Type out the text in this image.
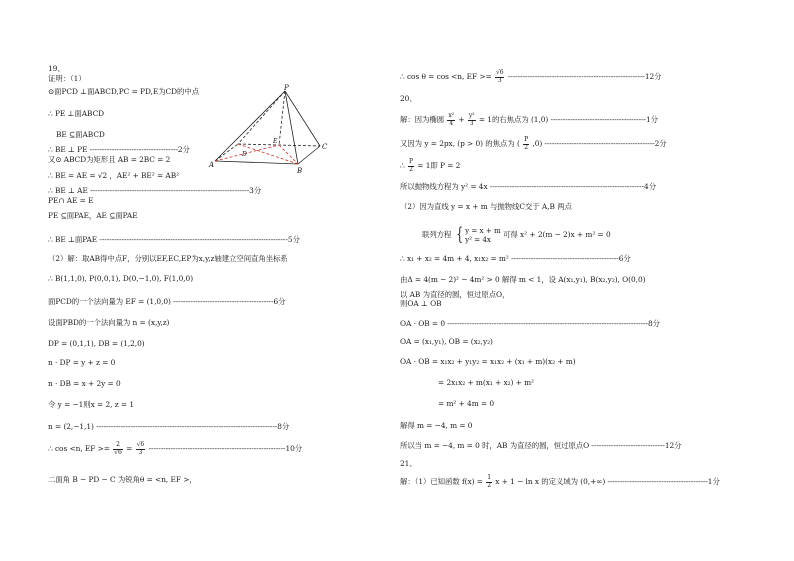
19、
证明：（1）
⊙面PCD ⊥面ABCD,PC = PD,E为CD的中点
∴ PE ⊥面ABCD
BE ⊆面ABCD
∴ BE ⊥ PE ------------------------------------2分
又⊙ ABCD为矩形且 AB = 2BC = 2
∴ BE = AE = √2 ，AE² + BE² = AB²
∴ BE ⊥ AE -----------------------------------------------------------------3分
PE∩ AE = E
PE ⊆面PAE，AE ⊆面PAE
∴ BE ⊥面PAE -----------------------------------------------------------------------------5分
（2）解：取AB得中点F，分别以EF,EC,EP为x,y,z轴建立空间直角坐标系
∴ B(1,1,0), P(0,0,1), D(0,−1,0), F(1,0,0)
面PCD的一个法向量为 EF = (1,0,0) -----------------------------------------6分
设面PBD的一个法向量为 n = (x,y,z)
DP = (0,1,1), DB = (1,2,0)
n · DP = y + z = 0
n · DB = x + 2y = 0
令 y = −1则x = 2, z = 1
n = (2,−1,1) --------------------------------------------------------------------------8分
∴ cos <n, EF >= $\frac{2}{√6} = \frac{√6}{3} --------------------------------------------------------10$分
二面角 B − PD − C 为锐角θ = <n, EF >，
P
A
B
C
D
E
∴ cos θ = cos <n, EF >= $\frac{√6}{3} --------------------------------------------------------12$分
20、
解：因为椭圆 $\frac{\text{x²}}{4} + \frac{\text{y²}}{3} = 1$的右焦点为 (1,0) ---------------------------------------1分
又因为 y = 2px, (p > 0) 的焦点为 ( $\frac{P}{2} ,0$) ---------------------------------------------2分
∴ $\frac{P}{2} = 1$即 P = 2
所以抛物线方程为 y² = 4x ---------------------------------------------------------------4分
（2）因为直线 y = x + m 与抛物线C交于 A,B 两点
联列方程 { y = x + m
y² = 4x
可得 x² + 2(m − 2)x + m² = 0
∴ x₁ + x₂ = 4m + 4, x₁x₂ = m² --------------------------------------------6分
由Δ = 4(m − 2)² − 4m² > 0 解得 m < 1，设 A(x₁,y₁), B(x₂,y₂), O(0,0)
以 AB 为直径的圆，恒过原点O，
则OA ⊥ OB
OA · OB = 0 ----------------------------------------------------------------------------------8分
OA = (x₁,y₁), OB = (x₂,y₂)
OA · OB = x₁x₂ + y₁y₂ = x₁x₂ + (x₁ + m)(x₂ + m)
= 2x₁x₂ + m(x₁ + x₂) + m²
= m² + 4m = 0
解得 m = −4, m = 0
所以当 m = −4, m = 0 时，AB 为直径的圆，恒过原点O ------------------------------12分
21、
解：（1）已知函数 $f(x) = \frac{1}{2}$ x + 1 − ln x 的定义域为 (0,+∞) -----------------------------------------1分
